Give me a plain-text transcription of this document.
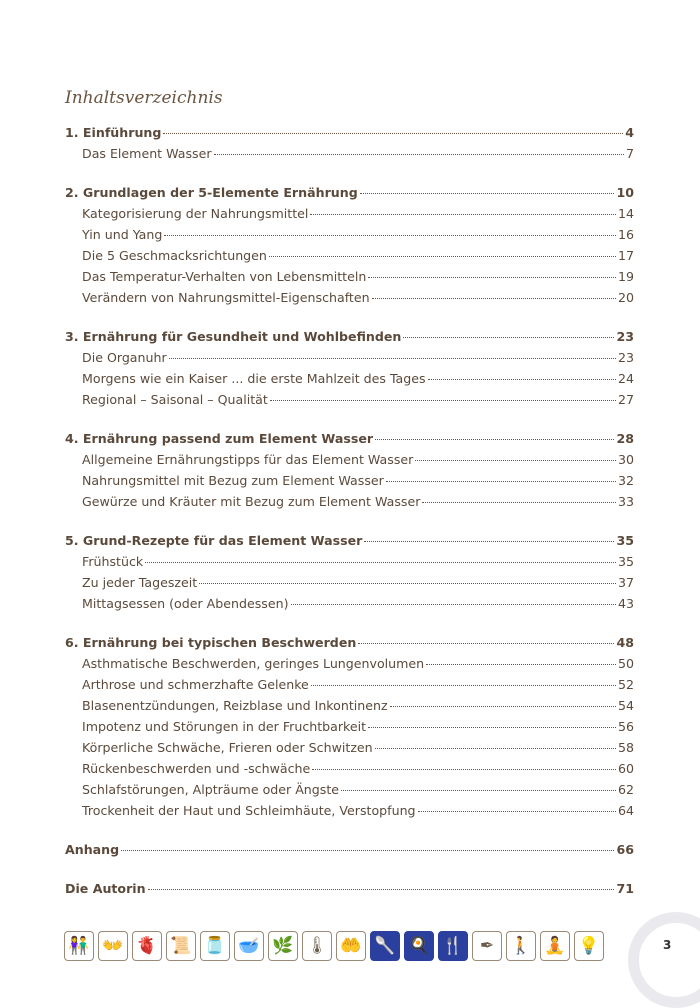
Inhaltsverzeichnis
1. Einführung	4
Das Element Wasser	7
2. Grundlagen der 5-Elemente Ernährung	10
Kategorisierung der Nahrungsmittel	14
Yin und Yang	16
Die 5 Geschmacksrichtungen	17
Das Temperatur-Verhalten von Lebensmitteln	19
Verändern von Nahrungsmittel-Eigenschaften	20
3. Ernährung für Gesundheit und Wohlbefinden	23
Die Organuhr	23
Morgens wie ein Kaiser ... die erste Mahlzeit des Tages	24
Regional – Saisonal – Qualität	27
4. Ernährung passend zum Element Wasser	28
Allgemeine Ernährungstipps für das Element Wasser	30
Nahrungsmittel mit Bezug zum Element Wasser	32
Gewürze und Kräuter mit Bezug zum Element Wasser	33
5. Grund-Rezepte für das Element Wasser	35
Frühstück	35
Zu jeder Tageszeit	37
Mittagsessen (oder Abendessen)	43
6. Ernährung bei typischen Beschwerden	48
Asthmatische Beschwerden, geringes Lungenvolumen	50
Arthrose und schmerzhafte Gelenke	52
Blasenentzündungen, Reizblase und Inkontinenz	54
Impotenz und Störungen in der Fruchtbarkeit	56
Körperliche Schwäche, Frieren oder Schwitzen	58
Rückenbeschwerden und -schwäche	60
Schlafstörungen, Alpträume oder Ängste	62
Trockenheit der Haut und Schleimhäute, Verstopfung	64
Anhang	66
Die Autorin	71
👫 👐 🫀 📜 🫙 🥣 🌿 🌡 🤲 🥄 🍳 🍴 ✒ 🚶 🧘 💡	3
